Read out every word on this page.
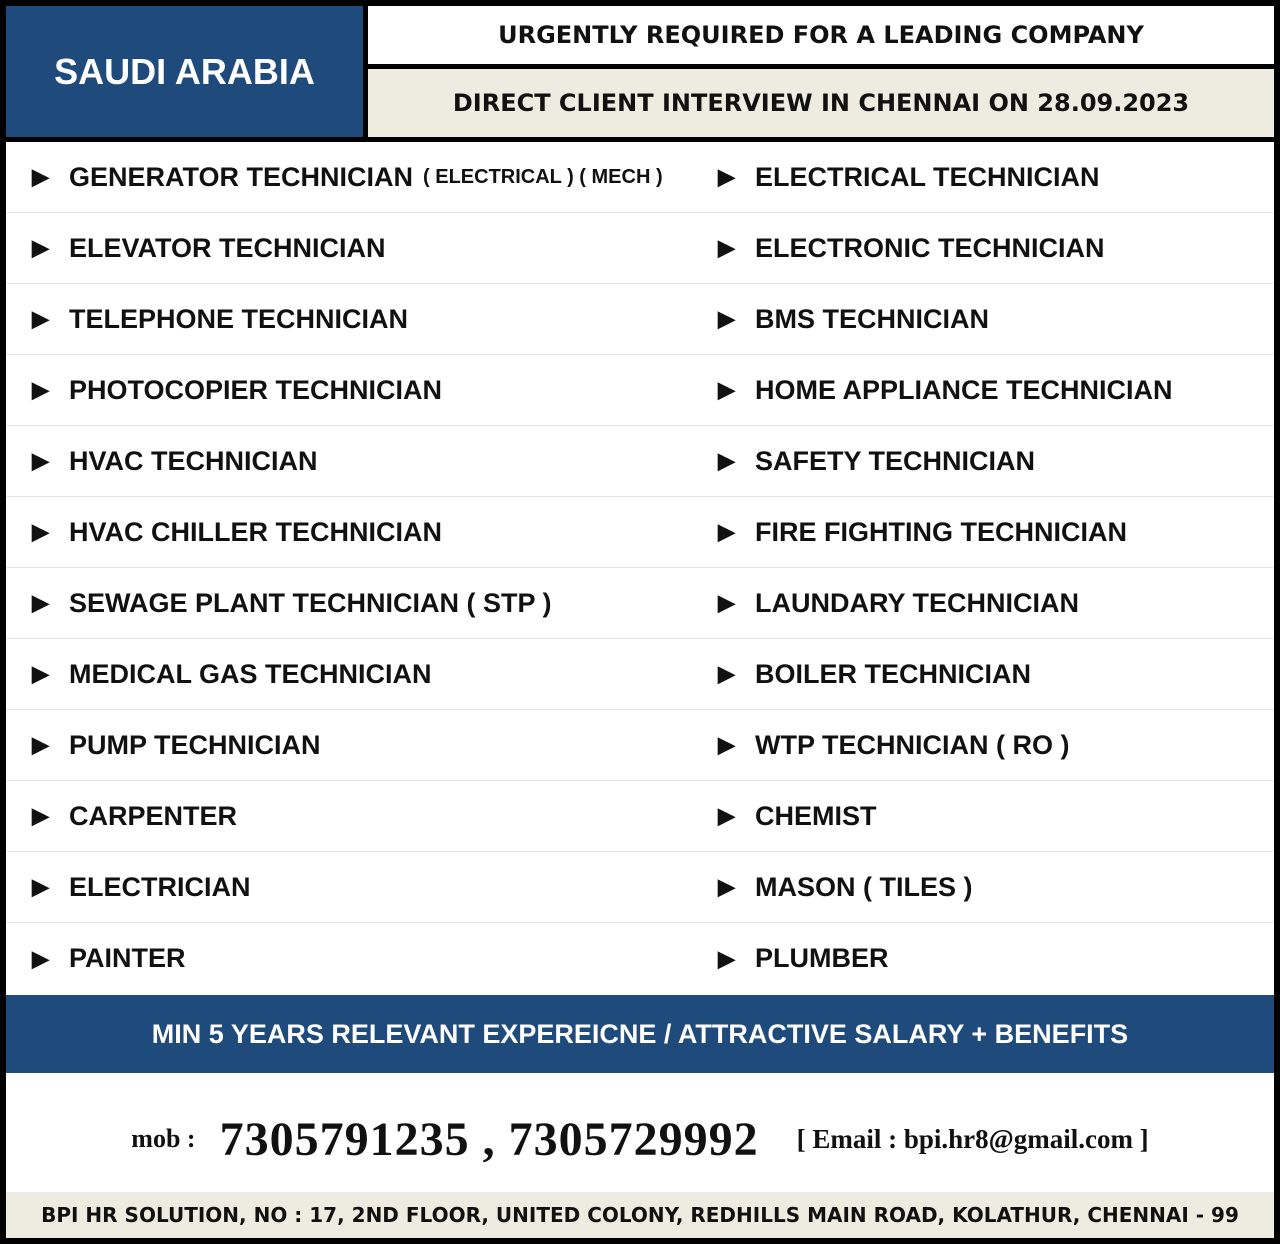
SAUDI ARABIA
URGENTLY REQUIRED FOR A LEADING COMPANY
DIRECT CLIENT INTERVIEW IN CHENNAI ON 28.09.2023
▶ GENERATOR TECHNICIAN ( ELECTRICAL ) ( MECH )	▶ ELECTRICAL TECHNICIAN
▶ ELEVATOR TECHNICIAN	▶ ELECTRONIC TECHNICIAN
▶ TELEPHONE TECHNICIAN	▶ BMS TECHNICIAN
▶ PHOTOCOPIER TECHNICIAN	▶ HOME APPLIANCE TECHNICIAN
▶ HVAC TECHNICIAN	▶ SAFETY TECHNICIAN
▶ HVAC CHILLER TECHNICIAN	▶ FIRE FIGHTING TECHNICIAN
▶ SEWAGE PLANT TECHNICIAN ( STP )	▶ LAUNDARY TECHNICIAN
▶ MEDICAL GAS TECHNICIAN	▶ BOILER TECHNICIAN
▶ PUMP TECHNICIAN	▶ WTP TECHNICIAN ( RO )
▶ CARPENTER	▶ CHEMIST
▶ ELECTRICIAN	▶ MASON ( TILES )
▶ PAINTER	▶ PLUMBER
MIN 5 YEARS RELEVANT EXPEREICNE / ATTRACTIVE SALARY + BENEFITS
mob : 7305791235 , 7305729992 [ Email : bpi.hr8@gmail.com ]
BPI HR SOLUTION, NO : 17, 2ND FLOOR, UNITED COLONY, REDHILLS MAIN ROAD, KOLATHUR, CHENNAI - 99
